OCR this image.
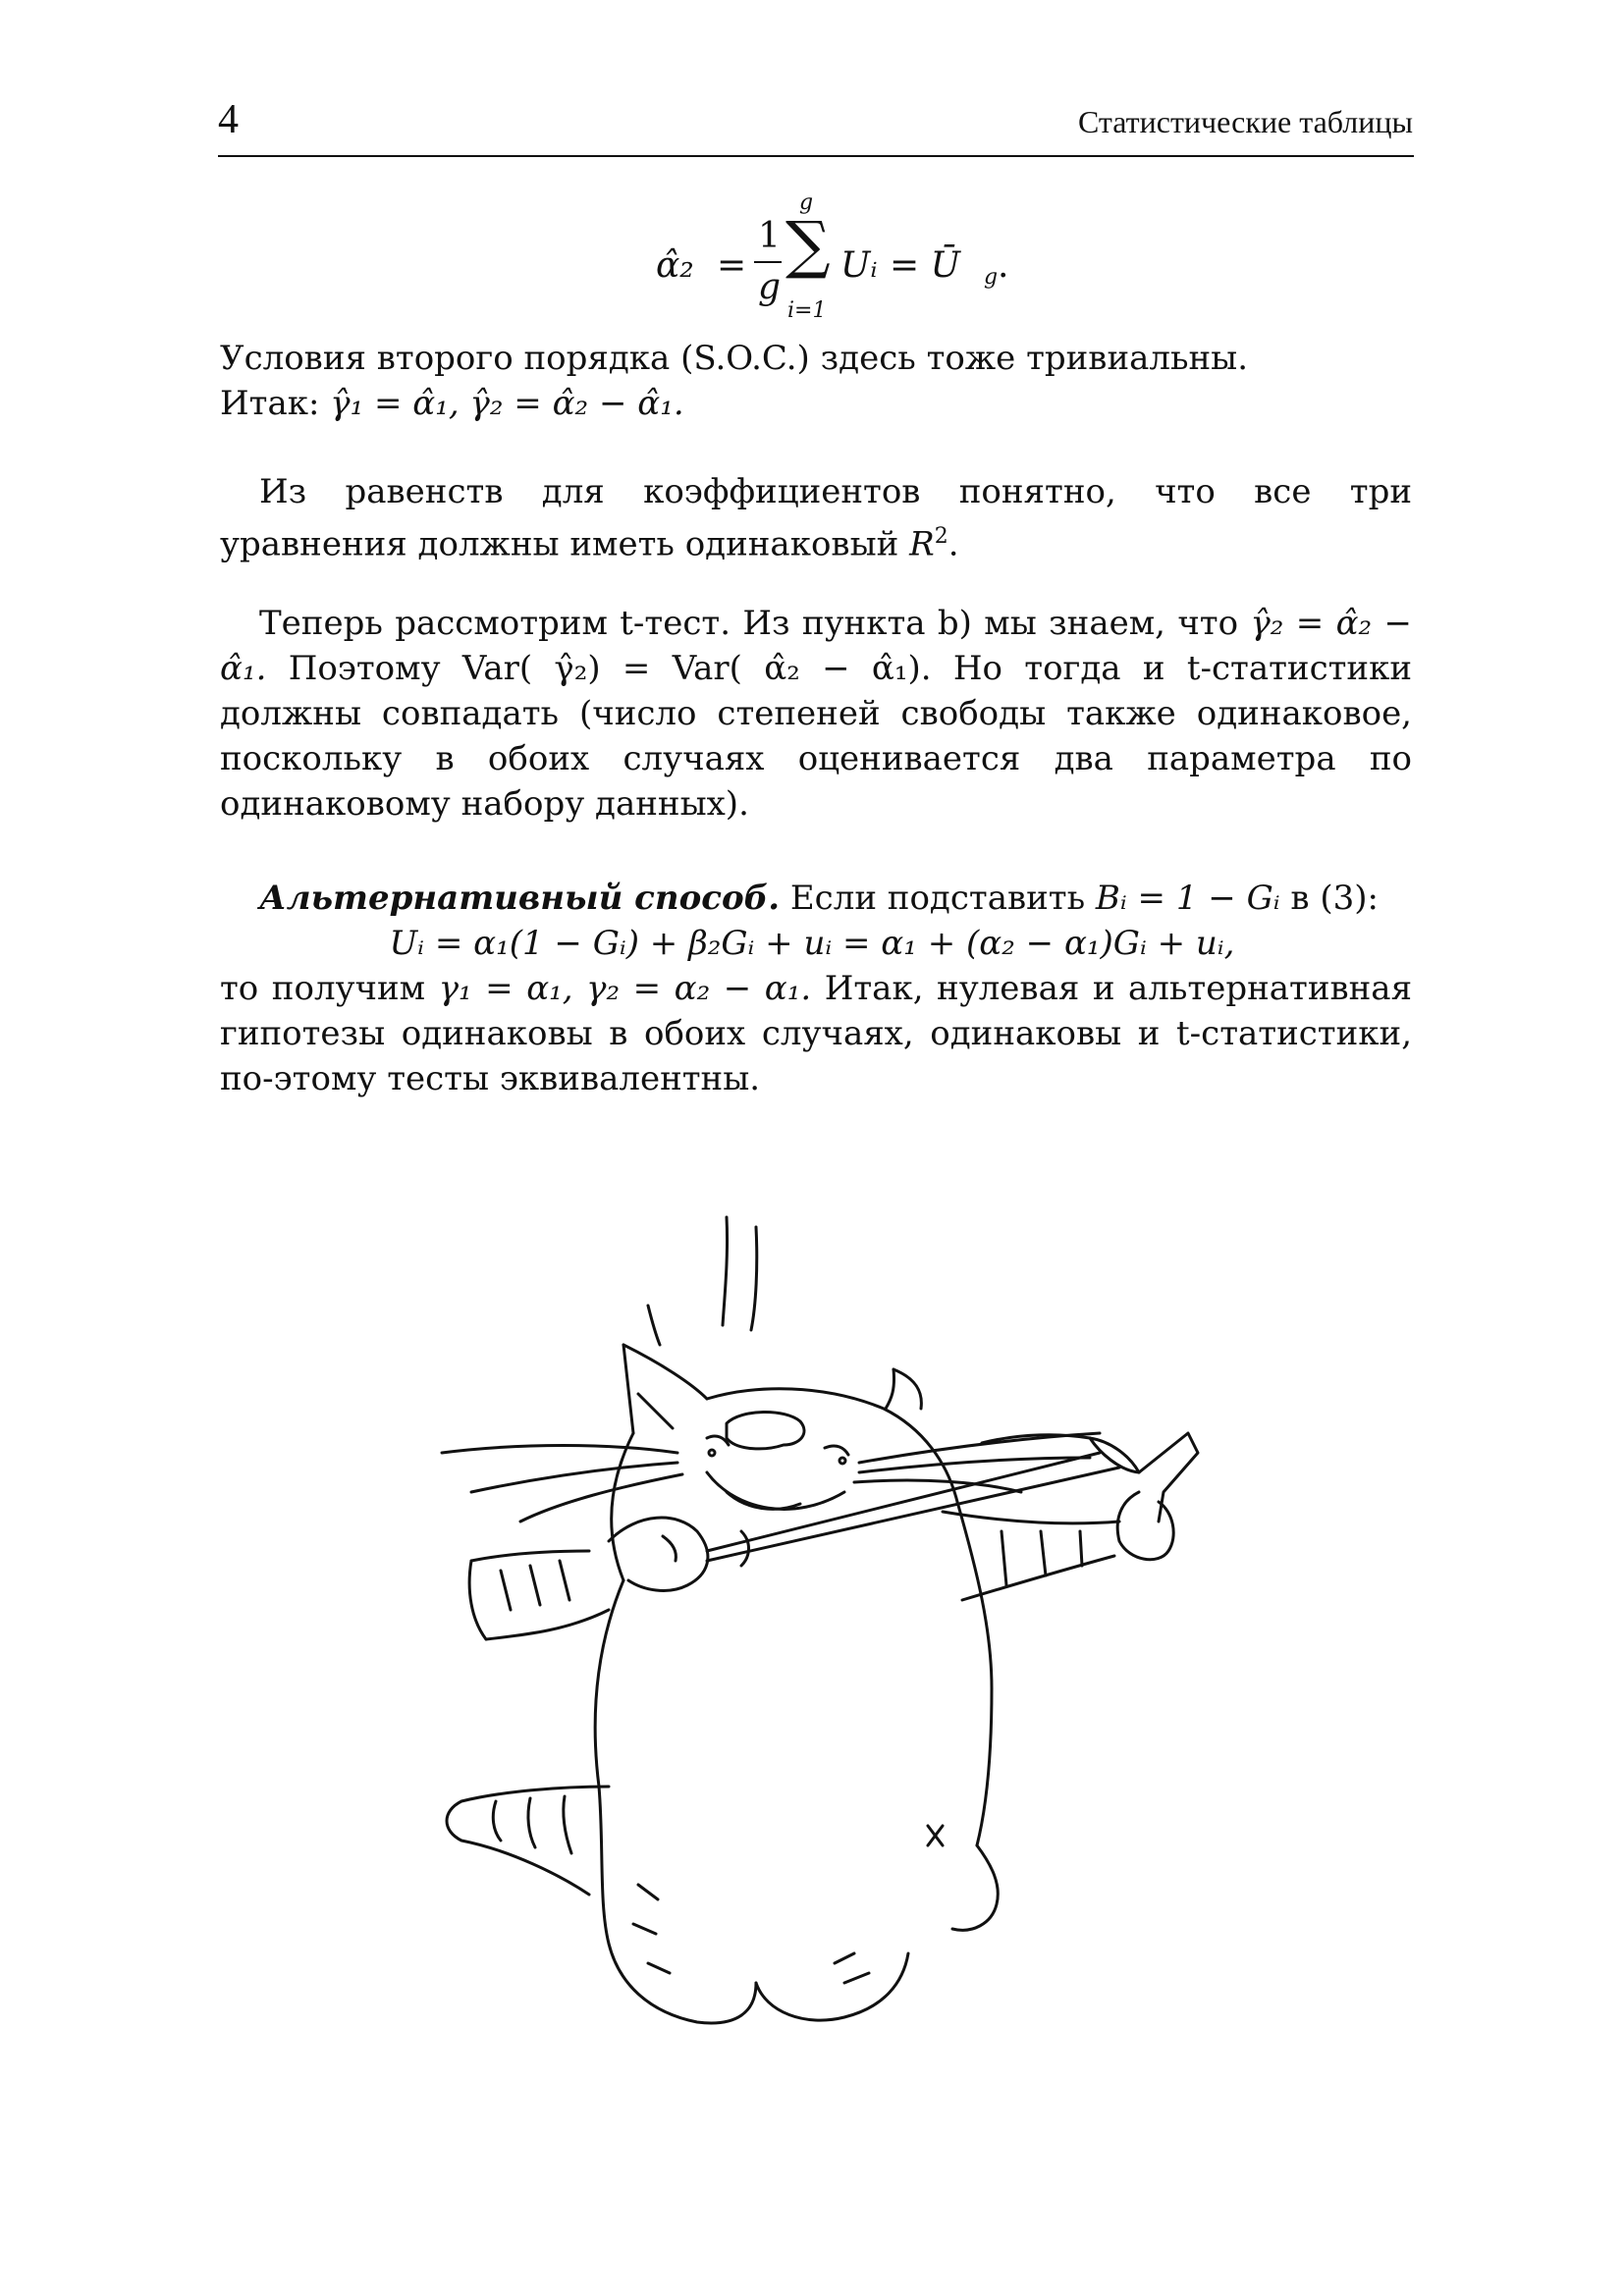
4	Статистические таблицы
α̂₂ =
1
g
g
∑
i=1
Uᵢ = Ū g .
Условия второго порядка (S.O.C.) здесь тоже тривиальны.
Итак: γ̂₁ = α̂₁, γ̂₂ = α̂₂ − α̂₁.
Из равенств для коэффициентов понятно, что все три уравнения должны иметь одинаковый $R^2$.
Теперь рассмотрим t-тест. Из пункта b) мы знаем, что γ̂₂ = α̂₂ − α̂₁. Поэтому Var( γ̂₂) = Var( α̂₂ − α̂₁). Но тогда и t-статистики должны совпадать (число степеней свободы также одинаковое, поскольку в обоих случаях оценивается два параметра по одинаковому набору данных).
Альтернативный способ. Если подставить Bᵢ = 1 − Gᵢ в (3):
Uᵢ = α₁(1 − Gᵢ) + β₂Gᵢ + uᵢ = α₁ + (α₂ − α₁)Gᵢ + uᵢ,
то получим γ₁ = α₁, γ₂ = α₂ − α₁. Итак, нулевая и альтернативная гипотезы одинаковы в обоих случаях, одинаковы и t-статистики, по-этому тесты эквивалентны.
